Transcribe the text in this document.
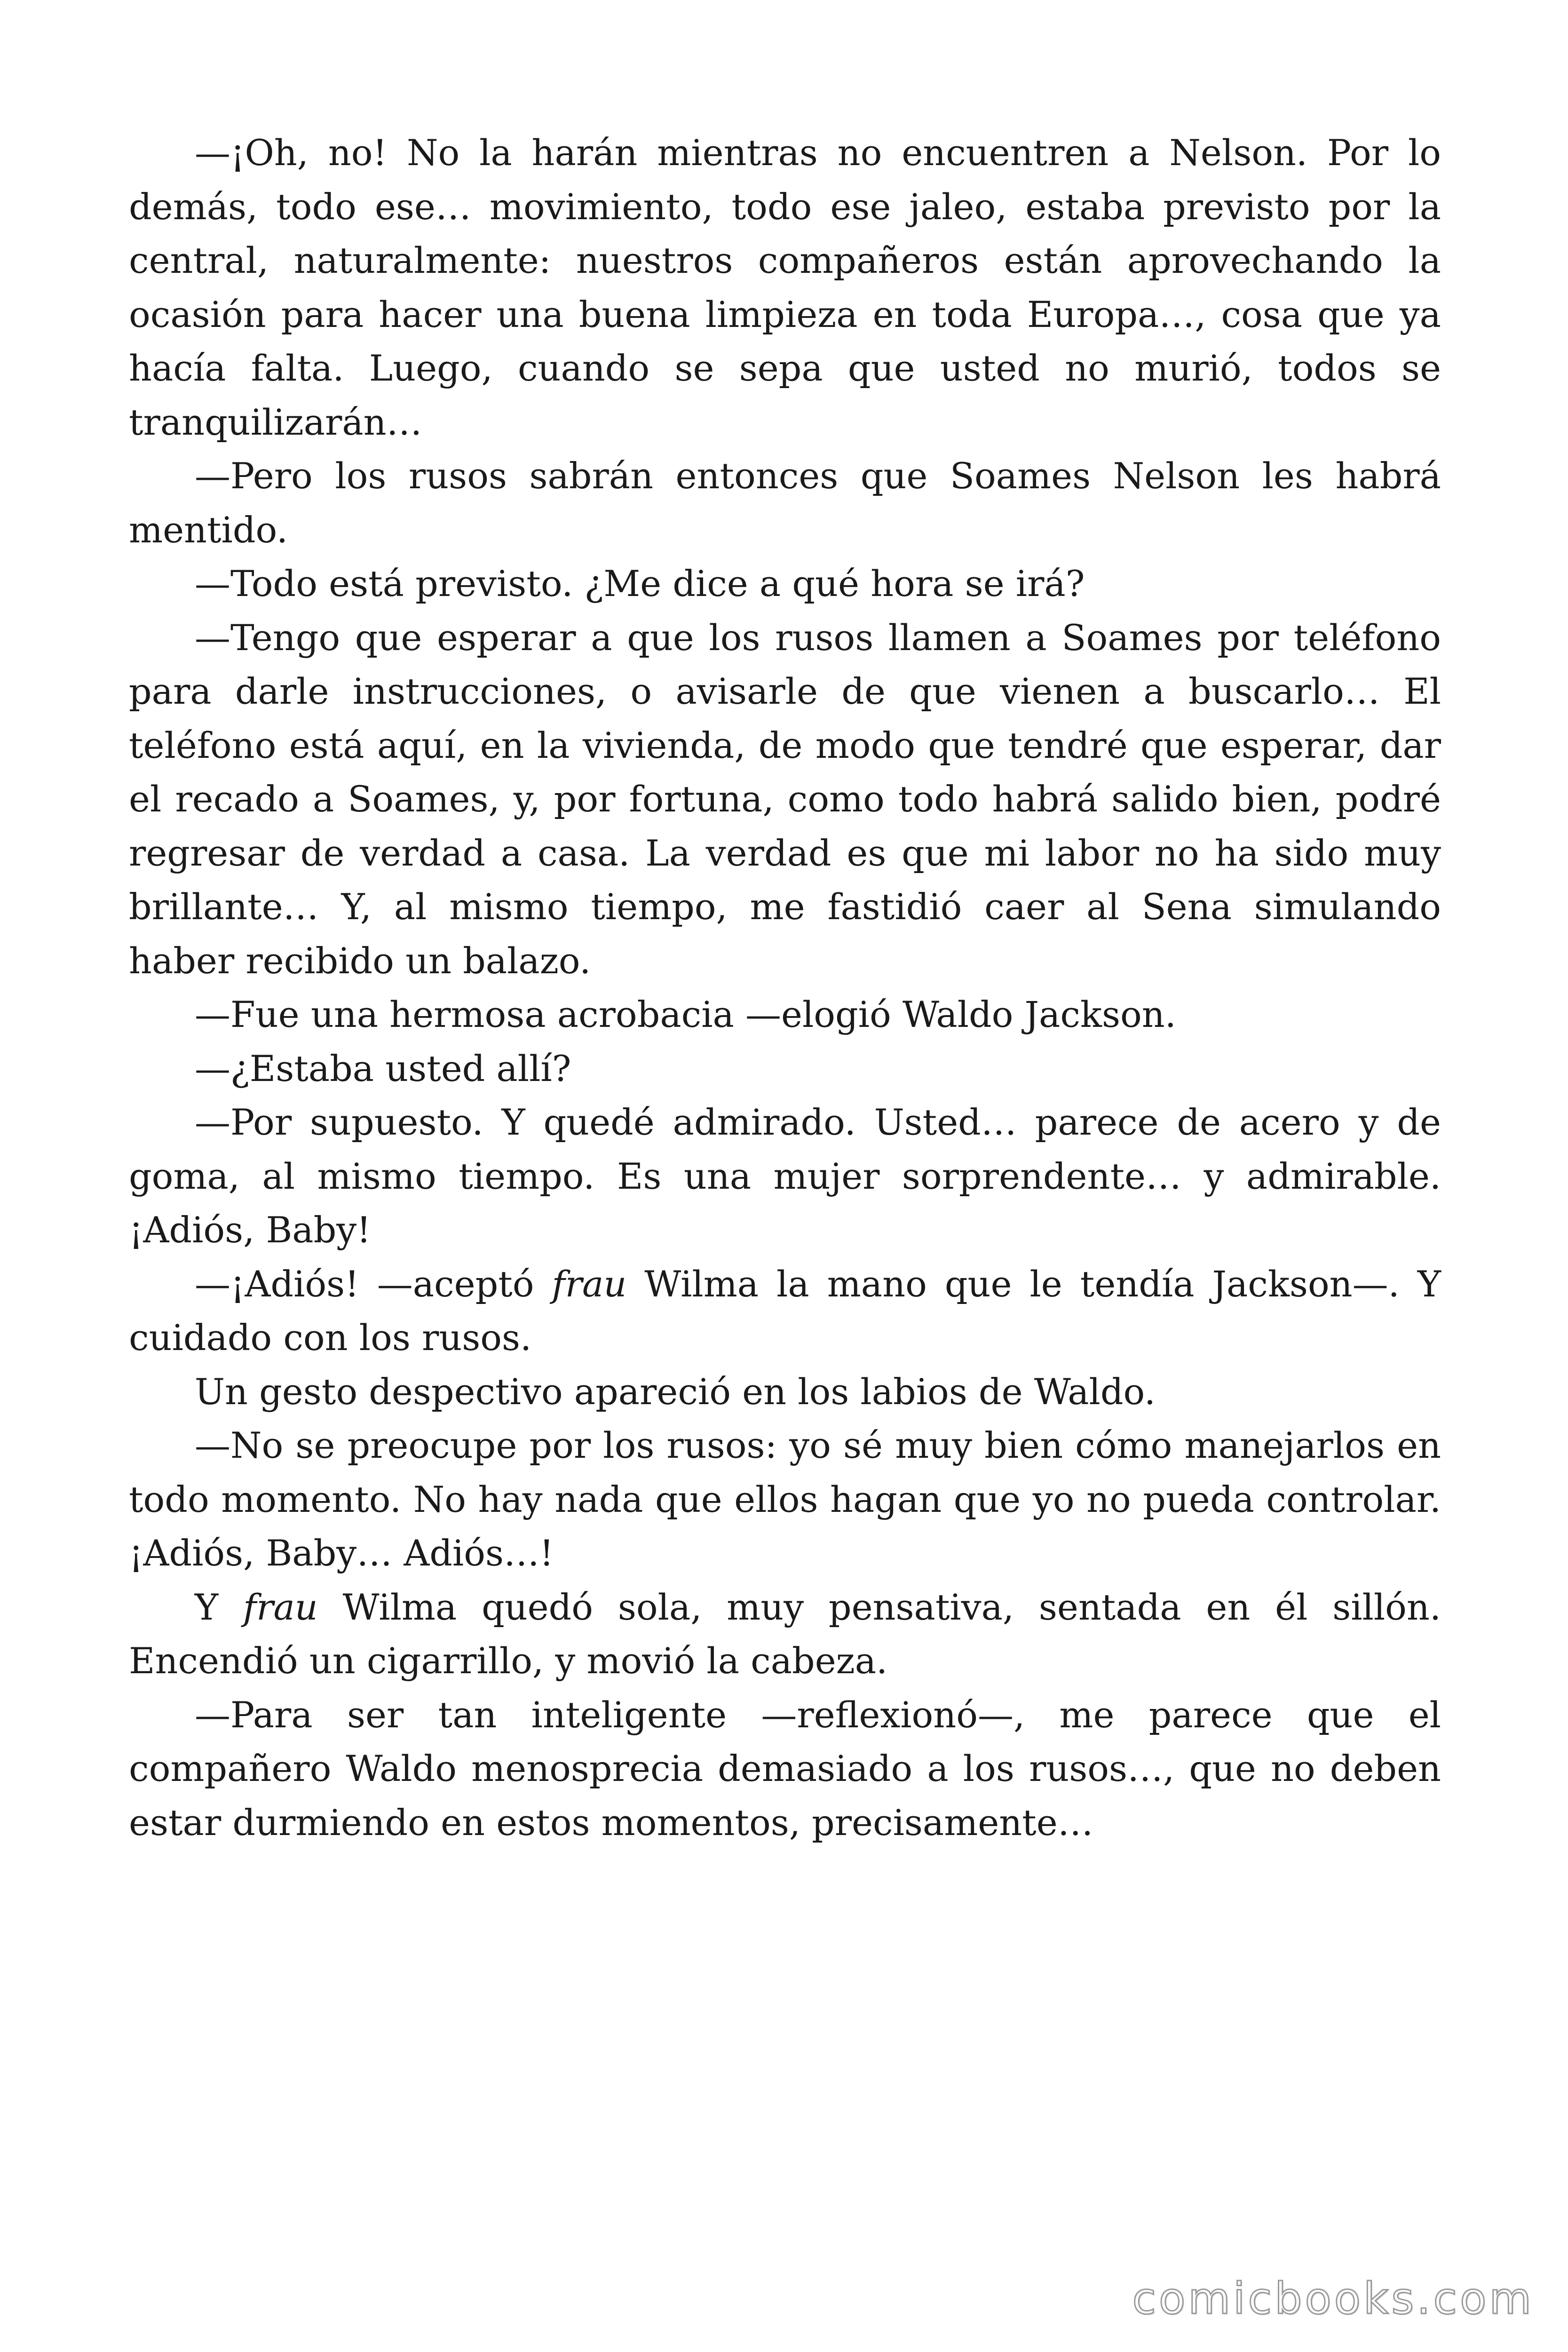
—¡Oh, no! No la harán mientras no encuentren a Nelson. Por lo demás, todo ese… movimiento, todo ese jaleo, estaba previsto por la central, naturalmente: nuestros compañeros están aprovechando la ocasión para hacer una buena limpieza en toda Europa…, cosa que ya hacía falta. Luego, cuando se sepa que usted no murió, todos se tranquilizarán…

—Pero los rusos sabrán entonces que Soames Nelson les habrá mentido.

—Todo está previsto. ¿Me dice a qué hora se irá?

—Tengo que esperar a que los rusos llamen a Soames por teléfono para darle instrucciones, o avisarle de que vienen a buscarlo… El teléfono está aquí, en la vivienda, de modo que tendré que esperar, dar el recado a Soames, y, por fortuna, como todo habrá salido bien, podré regresar de verdad a casa. La verdad es que mi labor no ha sido muy brillante… Y, al mismo tiempo, me fastidió caer al Sena simulando haber recibido un balazo.

—Fue una hermosa acrobacia —elogió Waldo Jackson.

—¿Estaba usted allí?

—Por supuesto. Y quedé admirado. Usted… parece de acero y de goma, al mismo tiempo. Es una mujer sorprendente… y admirable. ¡Adiós, Baby!

—¡Adiós! —aceptó frau Wilma la mano que le tendía Jackson—. Y cuidado con los rusos.

Un gesto despectivo apareció en los labios de Waldo.

—No se preocupe por los rusos: yo sé muy bien cómo manejarlos en todo momento. No hay nada que ellos hagan que yo no pueda controlar. ¡Adiós, Baby… Adiós…!

Y frau Wilma quedó sola, muy pensativa, sentada en él sillón. Encendió un cigarrillo, y movió la cabeza.

—Para ser tan inteligente —reflexionó—, me parece que el compañero Waldo menosprecia demasiado a los rusos…, que no deben estar durmiendo en estos momentos, precisamente…

comicbooks.com
